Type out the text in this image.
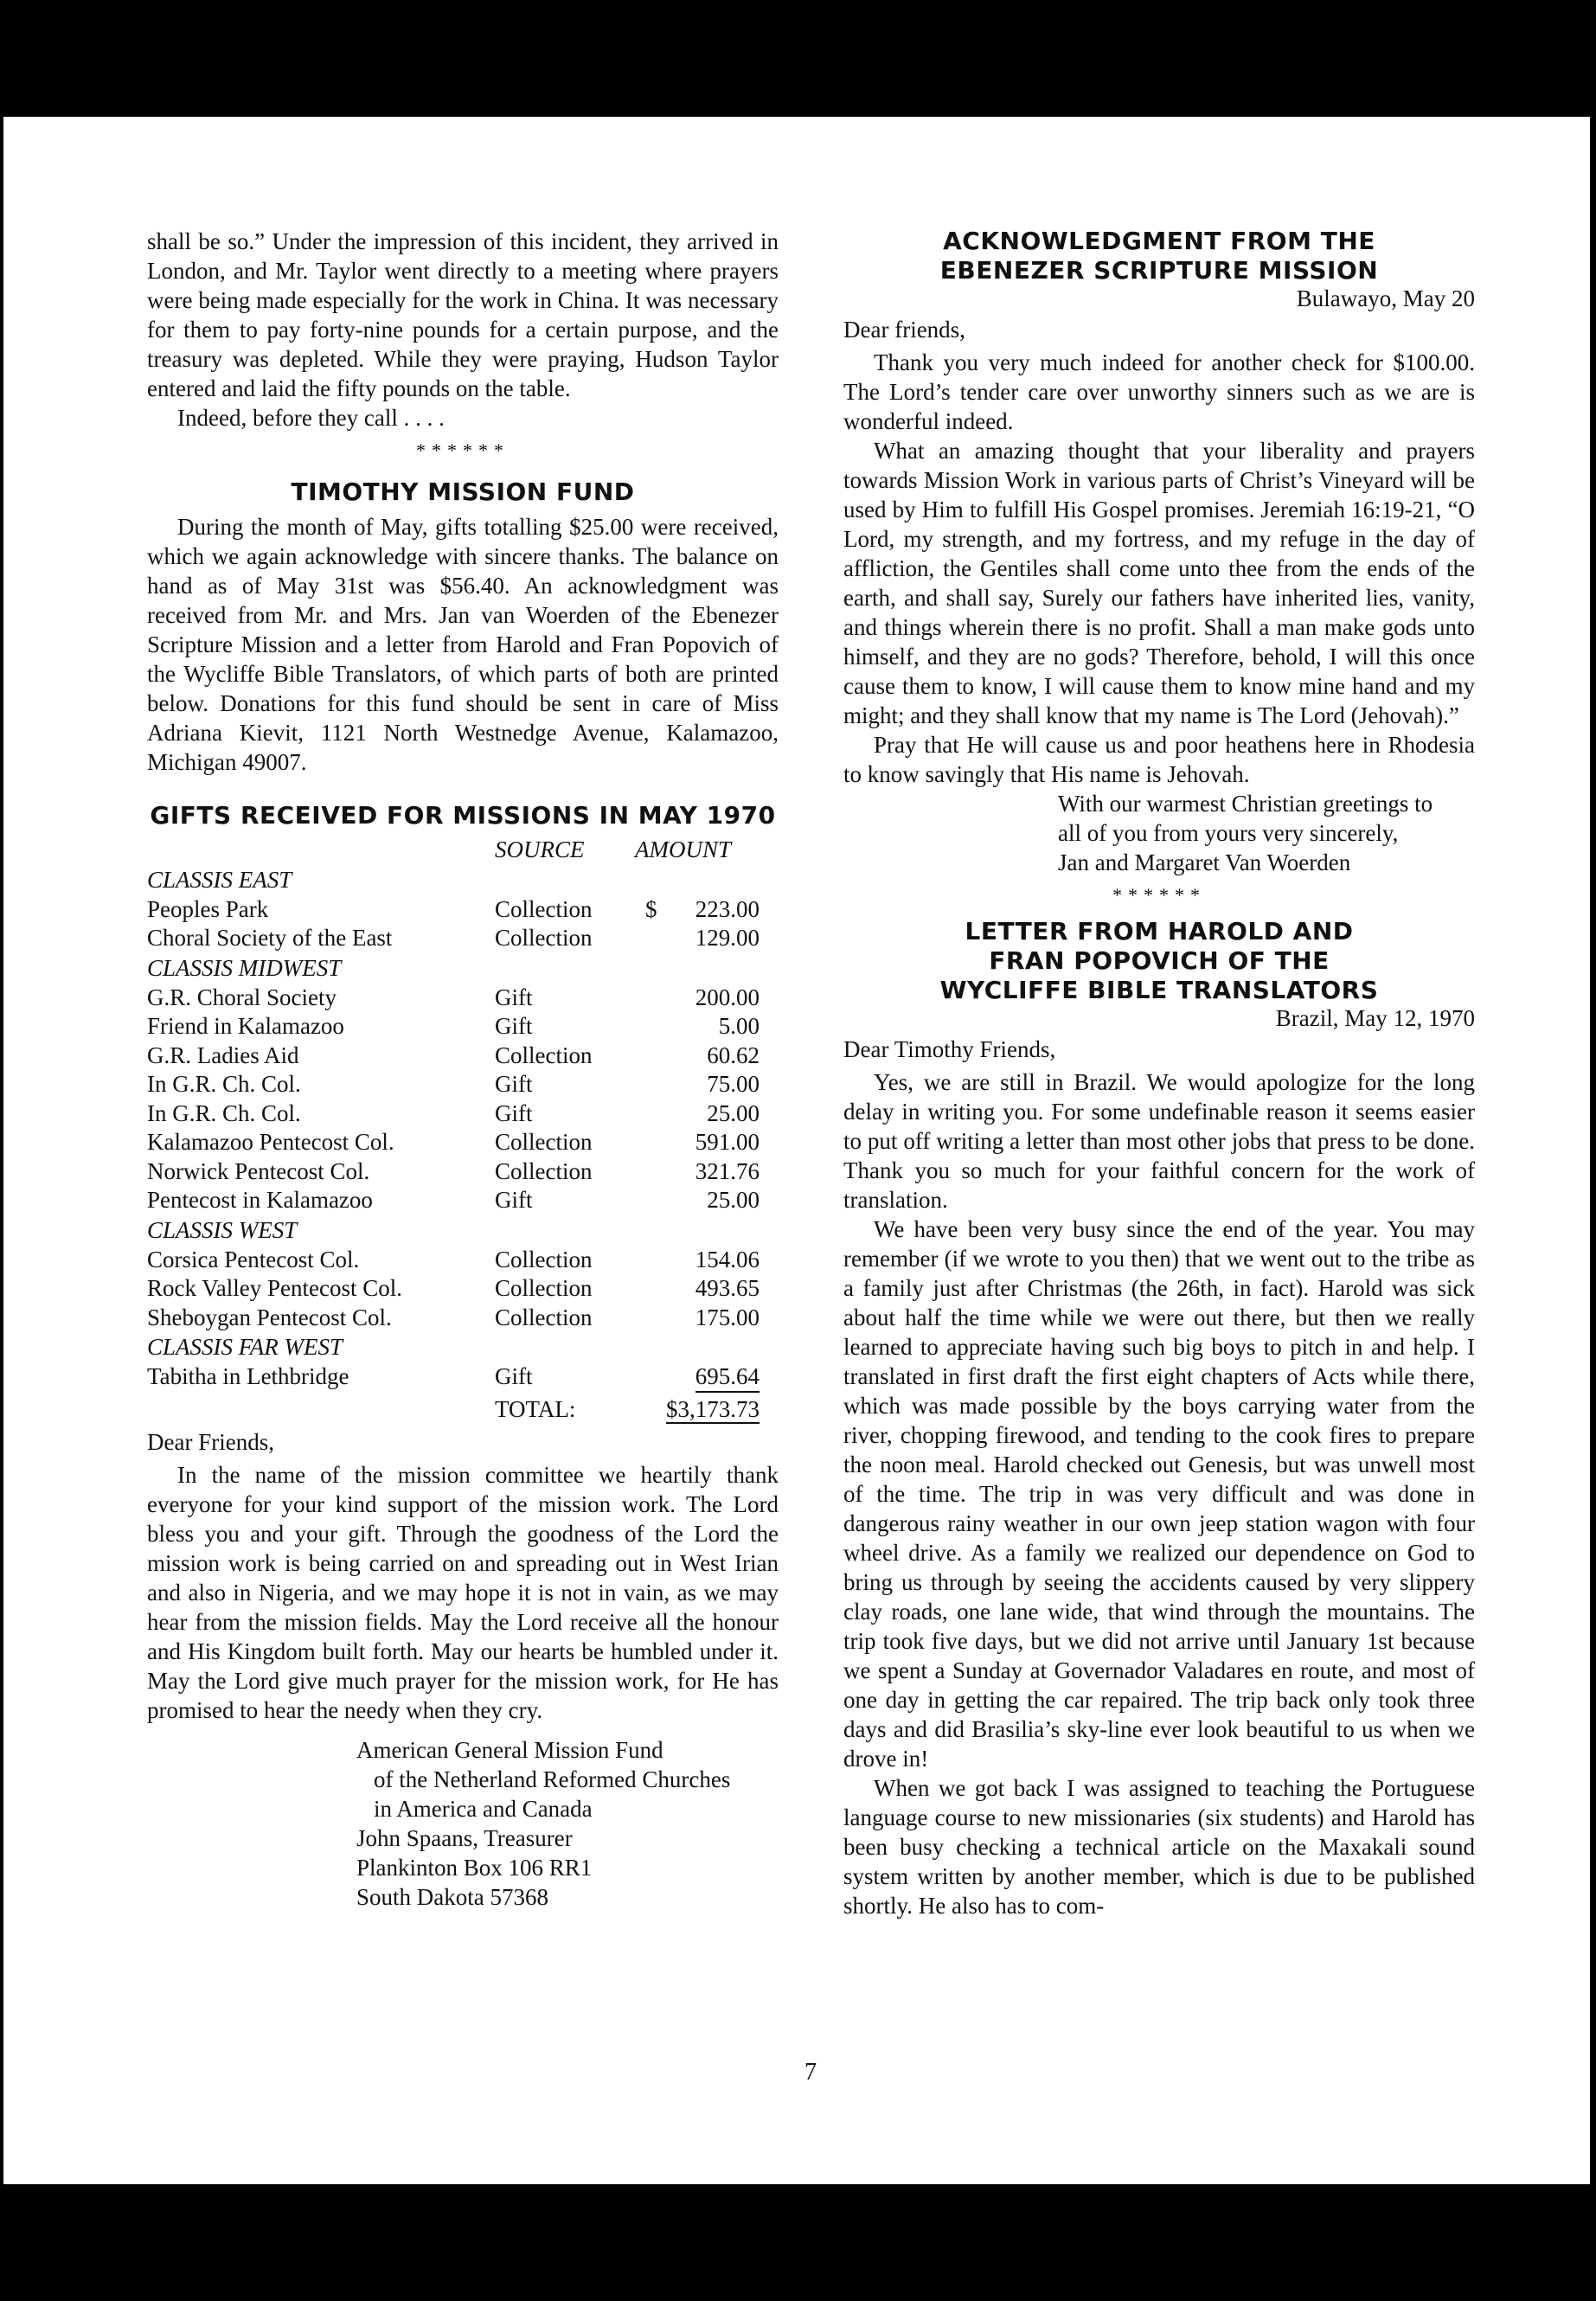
shall be so.” Under the impression of this incident, they arrived in London, and Mr. Taylor went directly to a meeting where prayers were being made especially for the work in China. It was necessary for them to pay forty-nine pounds for a certain purpose, and the treasury was depleted. While they were praying, Hudson Taylor entered and laid the fifty pounds on the table.

Indeed, before they call . . . .

******
TIMOTHY MISSION FUND

During the month of May, gifts totalling $25.00 were received, which we again acknowledge with sincere thanks. The balance on hand as of May 31st was $56.40. An acknowledgment was received from Mr. and Mrs. Jan van Woerden of the Ebenezer Scripture Mission and a letter from Harold and Fran Popovich of the Wycliffe Bible Translators, of which parts of both are printed below. Donations for this fund should be sent in care of Miss Adriana Kievit, 1121 North Westnedge Avenue, Kalamazoo, Michigan 49007.

GIFTS RECEIVED FOR MISSIONS IN MAY 1970
SOURCE	AMOUNT
CLASSIS EAST
Peoples Park	Collection	$ 223.00
Choral Society of the East	Collection	129.00
CLASSIS MIDWEST
G.R. Choral Society	Gift	200.00
Friend in Kalamazoo	Gift	5.00
G.R. Ladies Aid	Collection	60.62
In G.R. Ch. Col.	Gift	75.00
In G.R. Ch. Col.	Gift	25.00
Kalamazoo Pentecost Col.	Collection	591.00
Norwick Pentecost Col.	Collection	321.76
Pentecost in Kalamazoo	Gift	25.00
CLASSIS WEST
Corsica Pentecost Col.	Collection	154.06
Rock Valley Pentecost Col.	Collection	493.65
Sheboygan Pentecost Col.	Collection	175.00
CLASSIS FAR WEST
Tabitha in Lethbridge	Gift	695.64
TOTAL:	$3,173.73

Dear Friends,

In the name of the mission committee we heartily thank everyone for your kind support of the mission work. The Lord bless you and your gift. Through the goodness of the Lord the mission work is being carried on and spreading out in West Irian and also in Nigeria, and we may hope it is not in vain, as we may hear from the mission fields. May the Lord receive all the honour and His Kingdom built forth. May our hearts be humbled under it. May the Lord give much prayer for the mission work, for He has promised to hear the needy when they cry.

American General Mission Fund
of the Netherland Reformed Churches
in America and Canada
John Spaans, Treasurer
Plankinton Box 106 RR1
South Dakota 57368
ACKNOWLEDGMENT FROM THE
EBENEZER SCRIPTURE MISSION

Bulawayo, May 20

Dear friends,

Thank you very much indeed for another check for $100.00. The Lord’s tender care over unworthy sinners such as we are is wonderful indeed.

What an amazing thought that your liberality and prayers towards Mission Work in various parts of Christ’s Vineyard will be used by Him to fulfill His Gospel promises. Jeremiah 16:19-21, “O Lord, my strength, and my fortress, and my refuge in the day of affliction, the Gentiles shall come unto thee from the ends of the earth, and shall say, Surely our fathers have inherited lies, vanity, and things wherein there is no profit. Shall a man make gods unto himself, and they are no gods? Therefore, behold, I will this once cause them to know, I will cause them to know mine hand and my might; and they shall know that my name is The Lord (Jehovah).”

Pray that He will cause us and poor heathens here in Rhodesia to know savingly that His name is Jehovah.

With our warmest Christian greetings to
all of you from yours very sincerely,
Jan and Margaret Van Woerden
******
LETTER FROM HAROLD AND
FRAN POPOVICH OF THE
WYCLIFFE BIBLE TRANSLATORS

Brazil, May 12, 1970

Dear Timothy Friends,

Yes, we are still in Brazil. We would apologize for the long delay in writing you. For some undefinable reason it seems easier to put off writing a letter than most other jobs that press to be done. Thank you so much for your faithful concern for the work of translation.

We have been very busy since the end of the year. You may remember (if we wrote to you then) that we went out to the tribe as a family just after Christmas (the 26th, in fact). Harold was sick about half the time while we were out there, but then we really learned to appreciate having such big boys to pitch in and help. I translated in first draft the first eight chapters of Acts while there, which was made possible by the boys carrying water from the river, chopping firewood, and tending to the cook fires to prepare the noon meal. Harold checked out Genesis, but was unwell most of the time. The trip in was very difficult and was done in dangerous rainy weather in our own jeep station wagon with four wheel drive. As a family we realized our dependence on God to bring us through by seeing the accidents caused by very slippery clay roads, one lane wide, that wind through the mountains. The trip took five days, but we did not arrive until January 1st because we spent a Sunday at Governador Valadares en route, and most of one day in getting the car repaired. The trip back only took three days and did Brasilia’s sky-line ever look beautiful to us when we drove in!

When we got back I was assigned to teaching the Portuguese language course to new missionaries (six students) and Harold has been busy checking a technical article on the Maxakali sound system written by another member, which is due to be published shortly. He also has to com-

7
